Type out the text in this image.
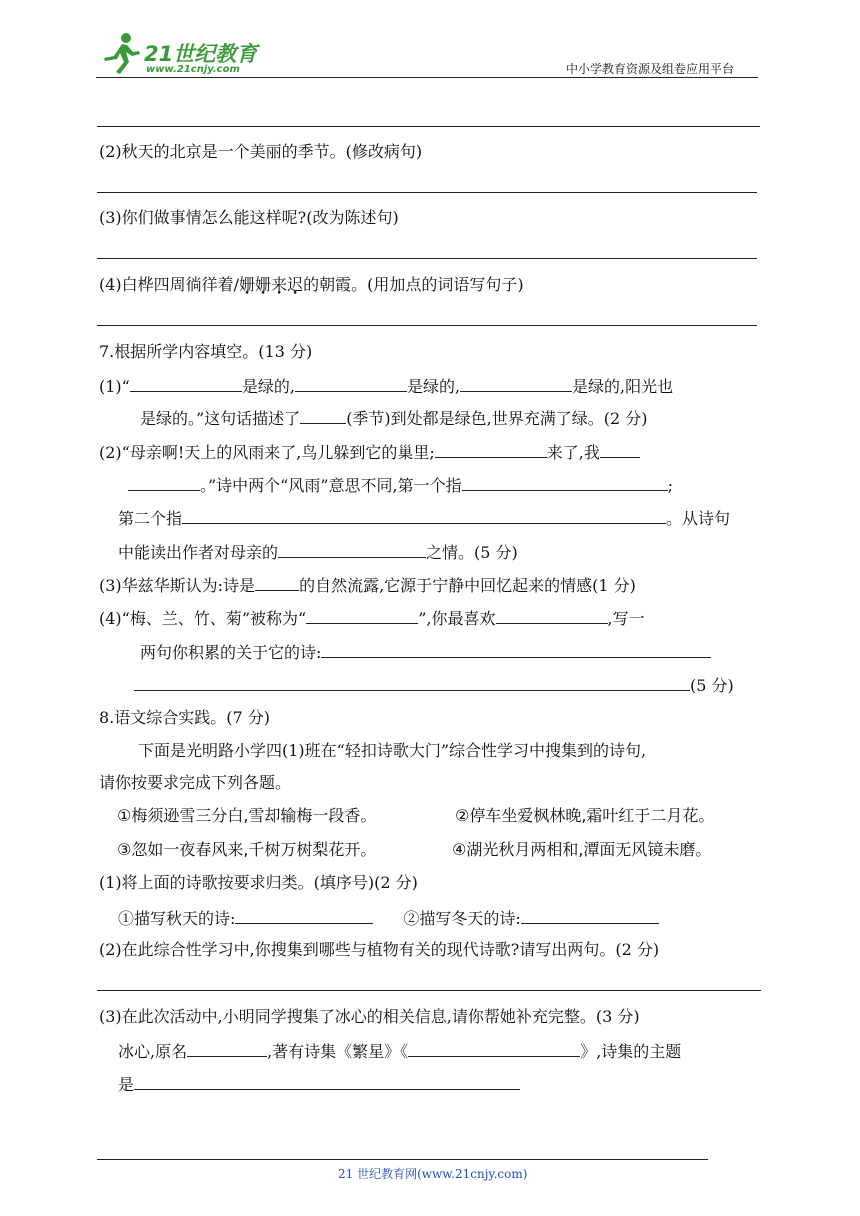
21世纪教育
www.21cnjy.com	中小学教育资源及组卷应用平台
(2)秋天的北京是一个美丽的季节。(修改病句)
(3)你们做事情怎么能这样呢?(改为陈述句)
(4)白桦四周徜徉着/姗姗来迟的朝霞。(用加点的词语写句子)
7.根据所学内容填空。(13 分)
(1)“	是绿的,	是绿的,	是绿的,阳光也
是绿的。”这句话描述了	(季节)到处都是绿色,世界充满了绿。(2 分)
(2)“母亲啊!天上的风雨来了,鸟儿躲到它的巢里;	来了,我
。”诗中两个“风雨”意思不同,第一个指	;
第二个指	。从诗句
中能读出作者对母亲的	之情。(5 分)
(3)华兹华斯认为:诗是	的自然流露,它源于宁静中回忆起来的情感(1 分)
(4)“梅、兰、竹、菊”被称为“	”,你最喜欢	,写一
两句你积累的关于它的诗:
(5 分)
8.语文综合实践。(7 分)
下面是光明路小学四(1)班在“轻扣诗歌大门”综合性学习中搜集到的诗句,
请你按要求完成下列各题。
①梅须逊雪三分白,雪却输梅一段香。	②停车坐爱枫林晚,霜叶红于二月花。
③忽如一夜春风来,千树万树梨花开。	④湖光秋月两相和,潭面无风镜未磨。
(1)将上面的诗歌按要求归类。(填序号)(2 分)
①描写秋天的诗:	②描写冬天的诗:
(2)在此综合性学习中,你搜集到哪些与植物有关的现代诗歌?请写出两句。(2 分)
(3)在此次活动中,小明同学搜集了冰心的相关信息,请你帮她补充完整。(3 分)
冰心,原名	,著有诗集《繁星》《	》,诗集的主题
是
21 世纪教育网(www.21cnjy.com)
